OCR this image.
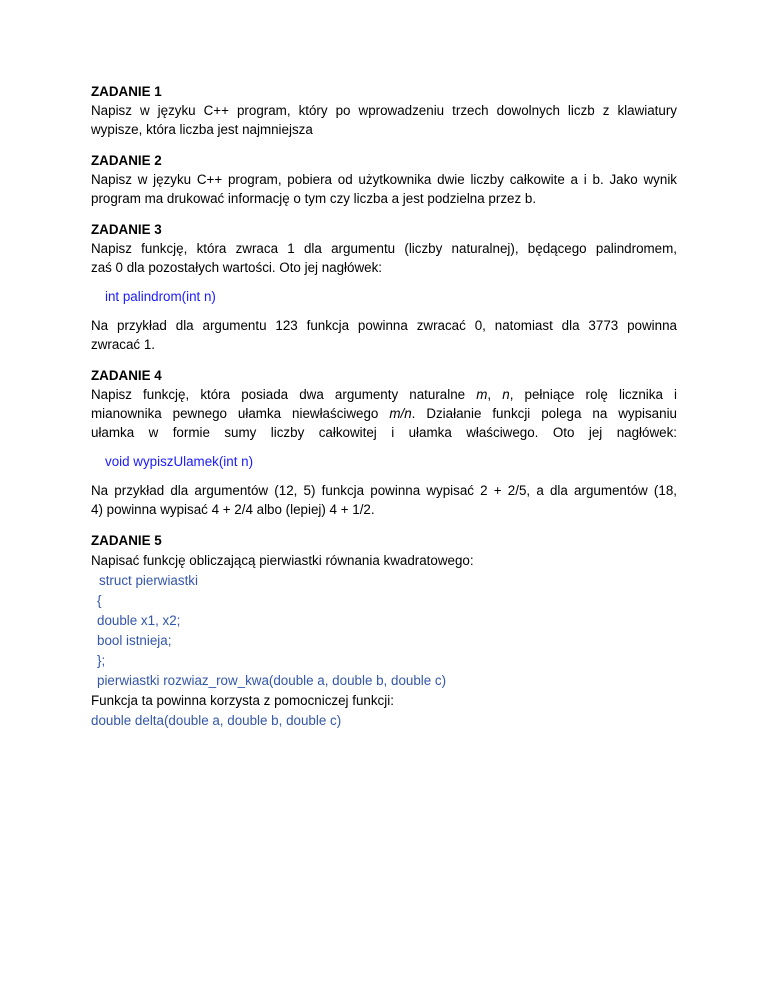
ZADANIE 1
Napisz w języku C++ program, który po wprowadzeniu trzech dowolnych liczb z klawiatury
wypisze, która liczba jest najmniejsza
ZADANIE 2
Napisz w języku C++ program, pobiera od użytkownika dwie liczby całkowite a i b. Jako wynik
program ma drukować informację o tym czy liczba a jest podzielna przez b.
ZADANIE 3
Napisz funkcję, która zwraca 1 dla argumentu (liczby naturalnej), będącego palindromem,
zaś 0 dla pozostałych wartości. Oto jej nagłówek:
int palindrom(int n)
Na przykład dla argumentu 123 funkcja powinna zwracać 0, natomiast dla 3773 powinna
zwracać 1.
ZADANIE 4
Napisz funkcję, która posiada dwa argumenty naturalne m, n, pełniące rolę licznika i
mianownika pewnego ułamka niewłaściwego m/n. Działanie funkcji polega na wypisaniu
ułamka w formie sumy liczby całkowitej i ułamka właściwego. Oto jej nagłówek:
void wypiszUlamek(int n)
Na przykład dla argumentów (12, 5) funkcja powinna wypisać 2 + 2/5, a dla argumentów (18,
4) powinna wypisać 4 + 2/4 albo (lepiej) 4 + 1/2.
ZADANIE 5
Napisać funkcję obliczającą pierwiastki równania kwadratowego:
struct pierwiastki
{
double x1, x2;
bool istnieja;
};
pierwiastki rozwiaz_row_kwa(double a, double b, double c)
Funkcja ta powinna korzysta z pomocniczej funkcji:
double delta(double a, double b, double c)
